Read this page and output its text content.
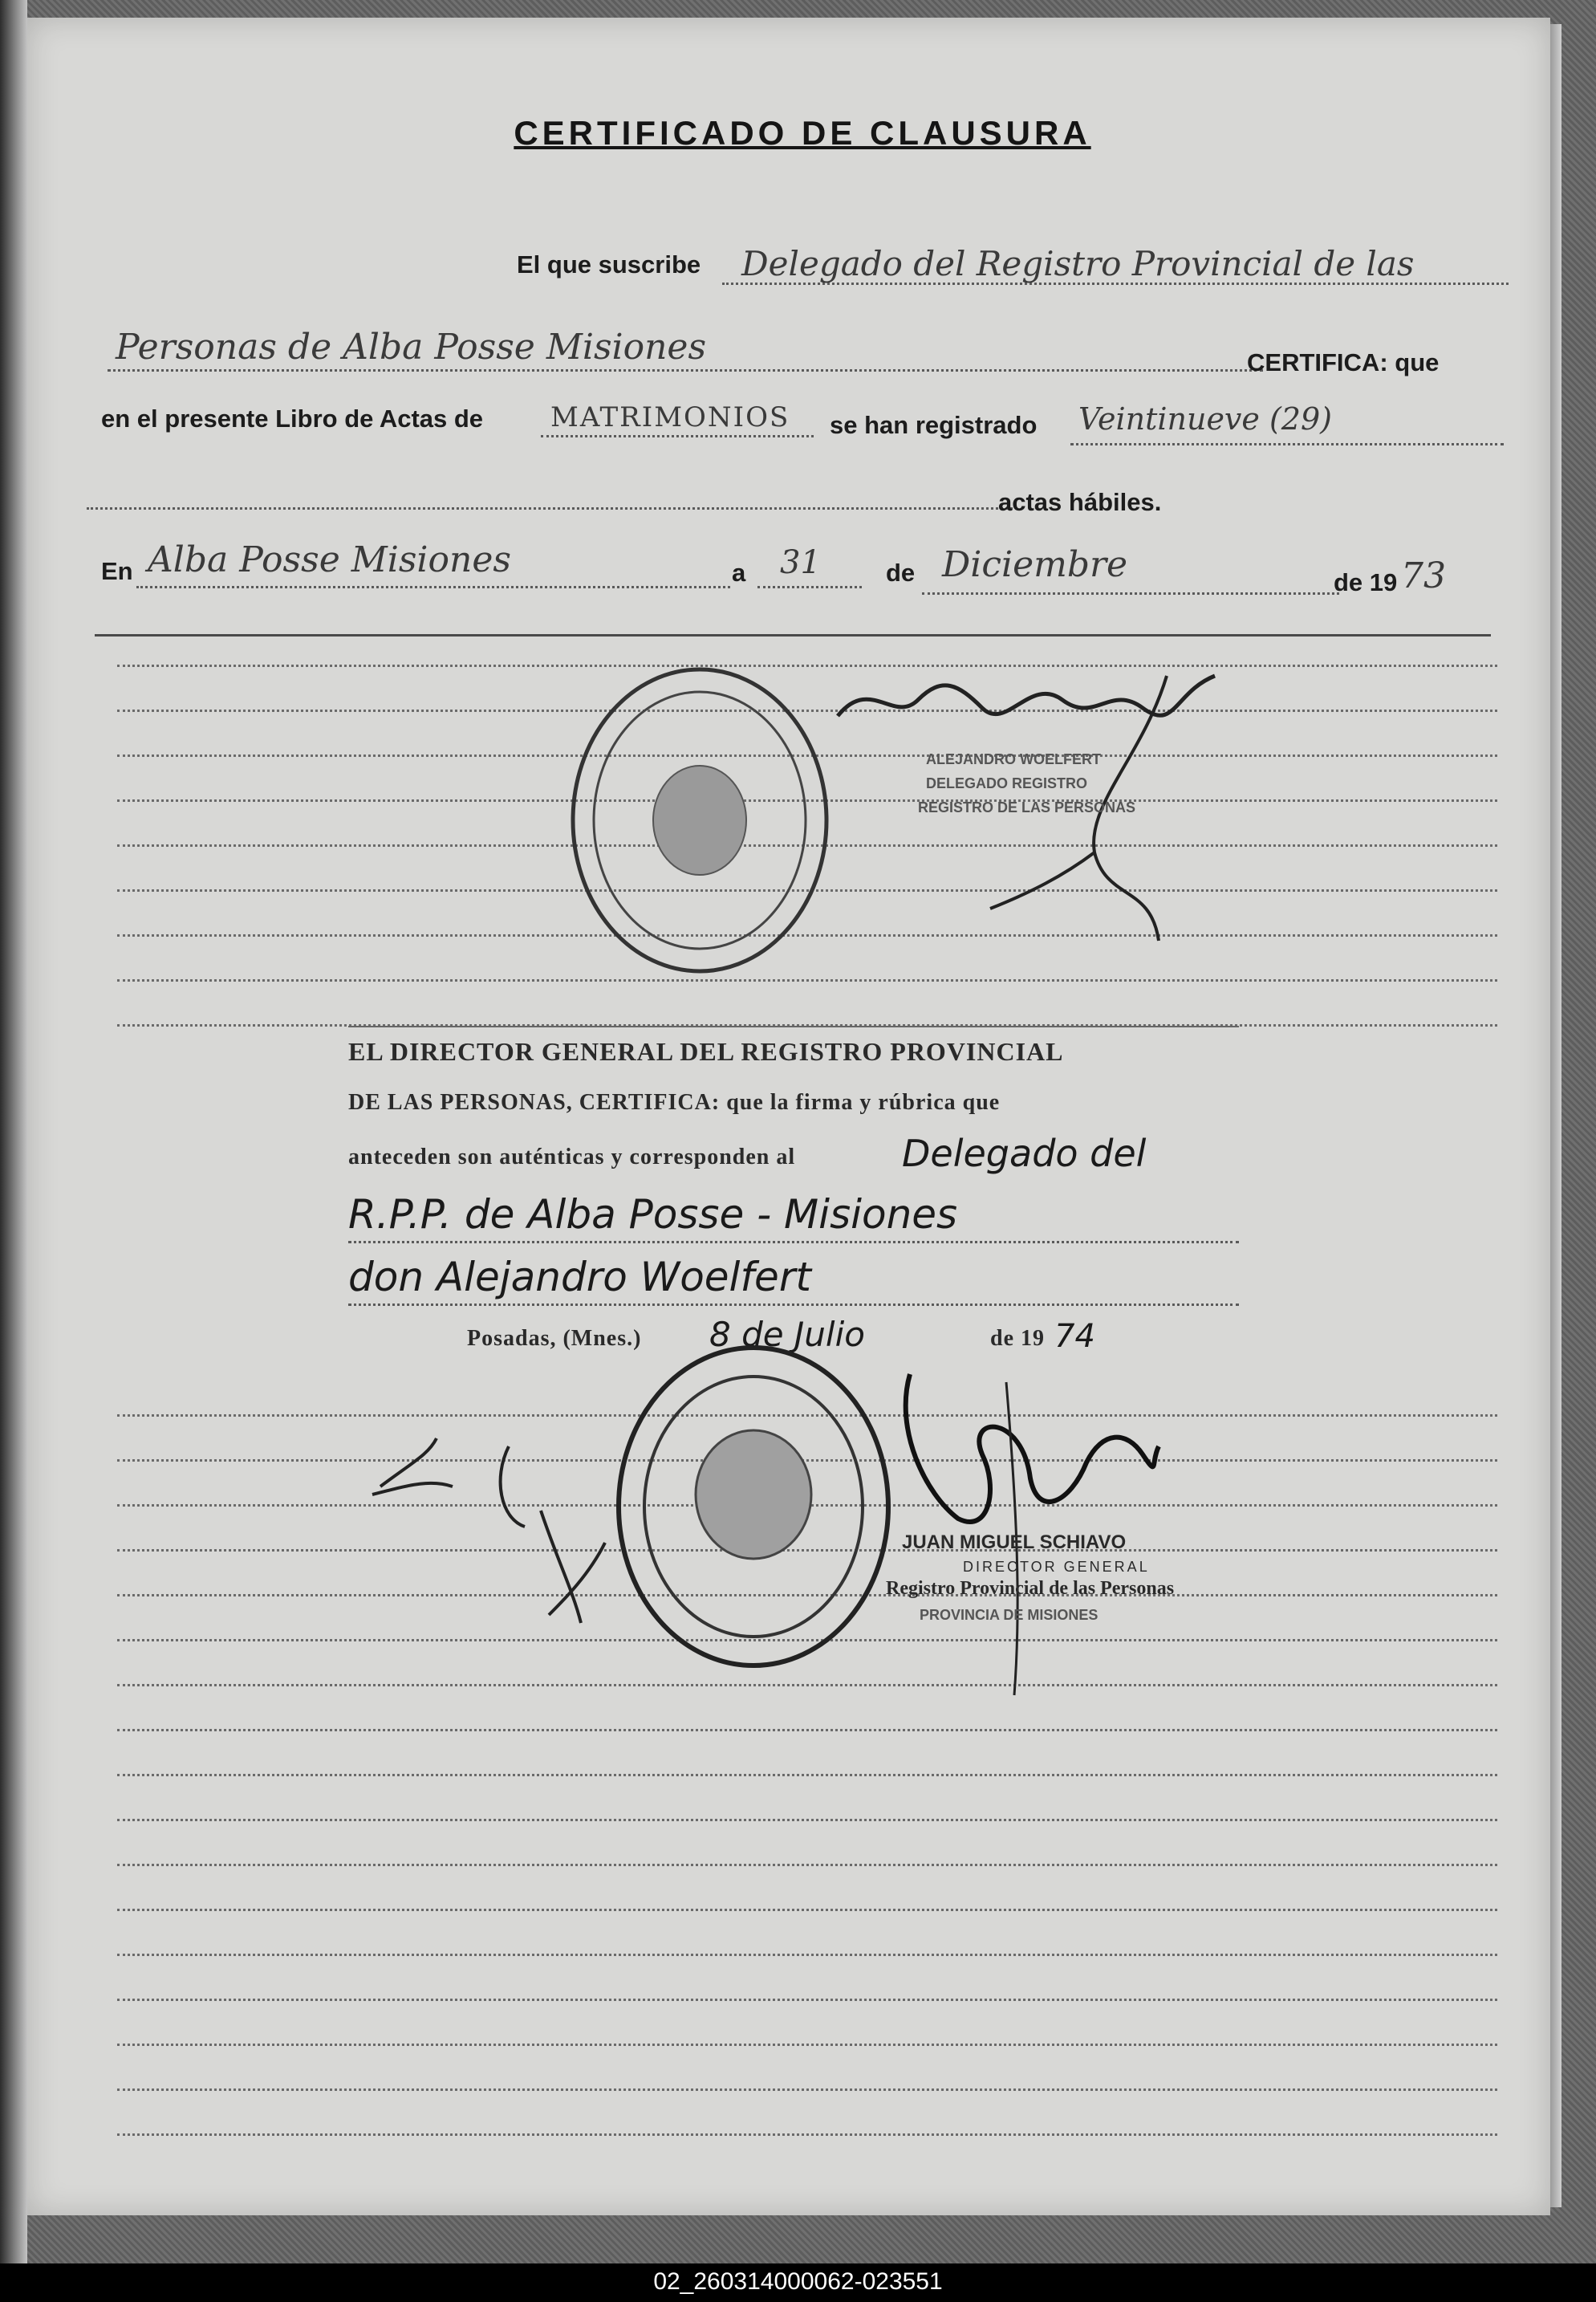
CERTIFICADO DE CLAUSURA
El que suscribe Delegado del Registro Provincial de las
Personas de Alba Posse Misiones	CERTIFICA: que
en el presente Libro de Actas de MATRIMONIOS se han registrado Veintinueve (29)
actas hábiles.
En Alba Posse Misiones	a 31	de Diciembre	de 19 73
ALEJANDRO WOELFERT
DELEGADO REGISTRO
REGISTRO DE LAS PERSONAS
EL DIRECTOR GENERAL DEL REGISTRO PROVINCIAL
DE LAS PERSONAS, CERTIFICA: que la firma y rúbrica que
anteceden son auténticas y corresponden al	Delegado del
R.P.P. de Alba Posse - Misiones
don Alejandro Woelfert
Posadas, (Mnes.) 8 de Julio	de 19 74
JUAN MIGUEL SCHIAVO
DIRECTOR GENERAL
Registro Provincial de las Personas
PROVINCIA DE MISIONES
02_260314000062-023551
